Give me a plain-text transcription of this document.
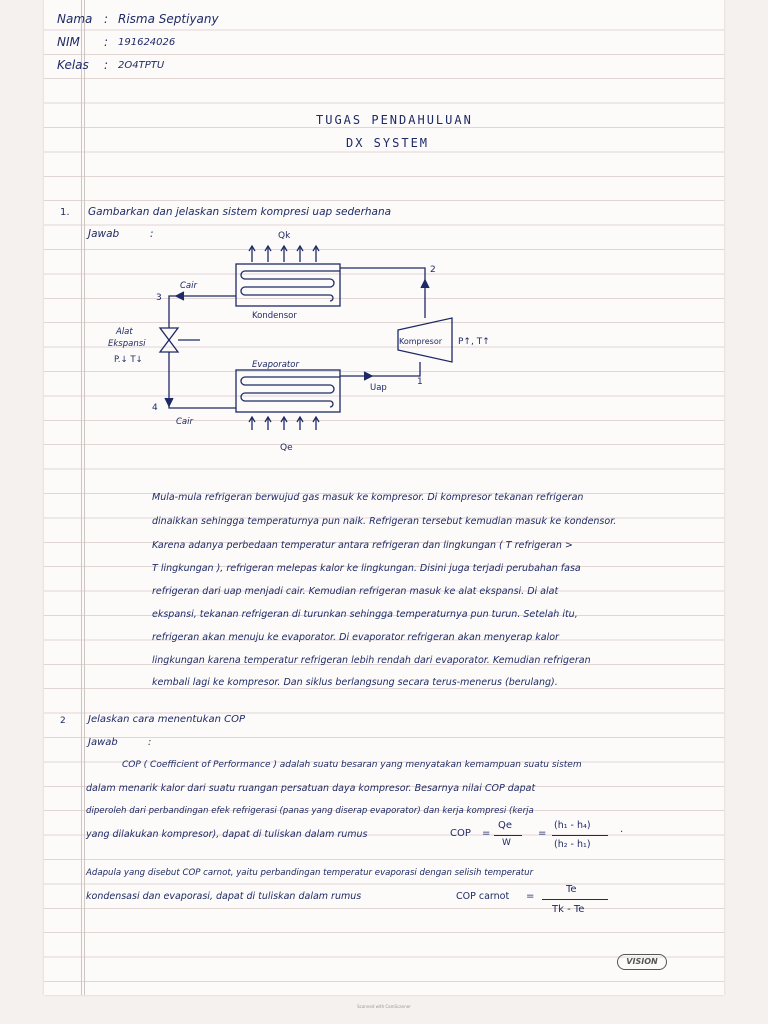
Nama : Risma Septiyany
NIM : 191624026
Kelas : 2O4TPTU
TUGAS PENDAHULUAN
DX SYSTEM
1. Gambarkan dan jelaskan sistem kompresi uap sederhana
Jawab	:	Qk
Kondensor
Cair
3
2
Alat
Ekspansi
P.↓ T↓
Kompresor P↑, T↑
Evaporator
Uap
1
4
Cair
Qe
Mula-mula refrigeran berwujud gas masuk ke kompresor. Di kompresor tekanan refrigeran
dinaikkan sehingga temperaturnya pun naik. Refrigeran tersebut kemudian masuk ke kondensor.
Karena adanya perbedaan temperatur antara refrigeran dan lingkungan ( T refrigeran >
T lingkungan ), refrigeran melepas kalor ke lingkungan. Disini juga terjadi perubahan fasa
refrigeran dari uap menjadi cair. Kemudian refrigeran masuk ke alat ekspansi. Di alat
ekspansi, tekanan refrigeran di turunkan sehingga temperaturnya pun turun. Setelah itu,
refrigeran akan menuju ke evaporator. Di evaporator refrigeran akan menyerap kalor
lingkungan karena temperatur refrigeran lebih rendah dari evaporator. Kemudian refrigeran
kembali lagi ke kompresor. Dan siklus berlangsung secara terus-menerus (berulang).
2 Jelaskan cara menentukan COP
Jawab	:
COP ( Coefficient of Performance ) adalah suatu besaran yang menyatakan kemampuan suatu sistem
dalam menarik kalor dari suatu ruangan persatuan daya kompresor. Besarnya nilai COP dapat
diperoleh dari perbandingan efek refrigerasi (panas yang diserap evaporator) dan kerja kompresi (kerja
yang dilakukan kompresor), dapat di tuliskan dalam rumus	COP =
Qe
W
=
(h₁ - h₄)
(h₂ - h₁)
.
Adapula yang disebut COP carnot, yaitu perbandingan temperatur evaporasi dengan selisih temperatur
kondensasi dan evaporasi, dapat di tuliskan dalam rumus	COP carnot =
Te
Tk - Te
VISION
Scanned with CamScanner
